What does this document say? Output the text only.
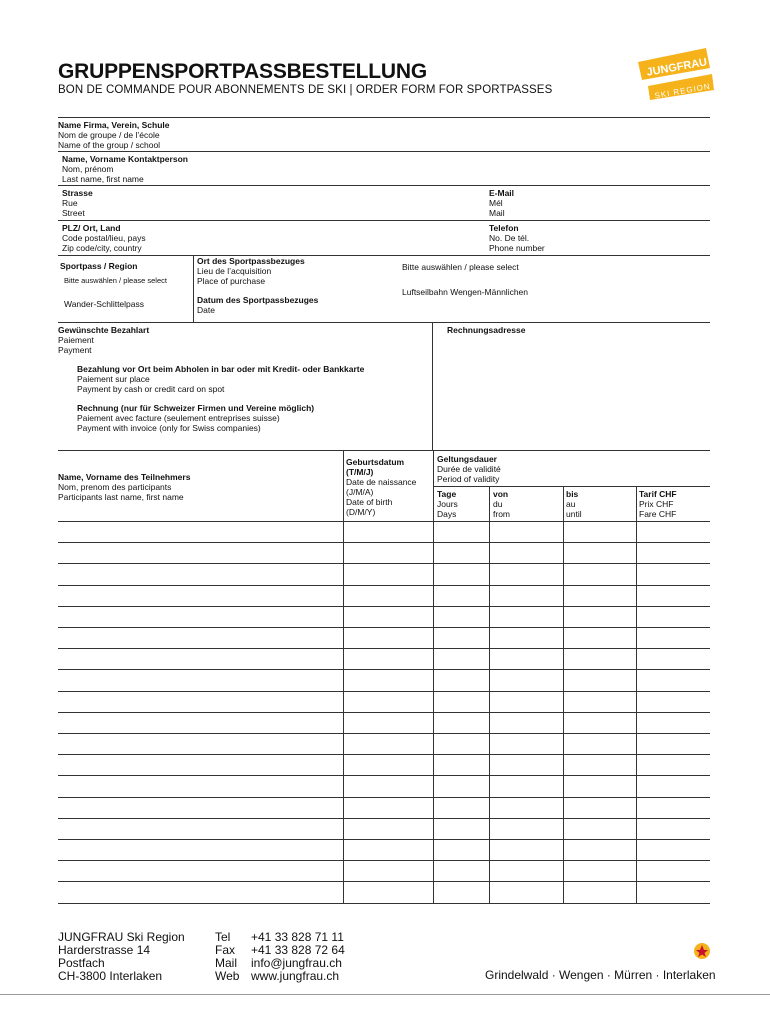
GRUPPENSPORTPASSBESTELLUNG
BON DE COMMANDE POUR ABONNEMENTS DE SKI | ORDER FORM FOR SPORTPASSES
JUNGFRAU
SKI REGION
Name Firma, Verein, Schule
Nom de groupe / de l’école
Name of the group / school
Name, Vorname Kontaktperson
Nom, prénom
Last name, first name
Strasse
Rue
Street
E-Mail
Mél
Mail
PLZ/ Ort, Land
Code postal/lieu, pays
Zip code/city, country
Telefon
No. De tél.
Phone number
Sportpass / Region
Bitte auswählen / please select
Wander-Schlittelpass
Ort des Sportpassbezuges
Lieu de l’acquisition
Place of purchase
Bitte auswählen / please select
Luftseilbahn Wengen-Männlichen
Datum des Sportpassbezuges
Date
Gewünschte Bezahlart
Paiement
Payment
Bezahlung vor Ort beim Abholen in bar oder mit Kredit- oder Bankkarte
Paiement sur place
Payment by cash or credit card on spot
Rechnung (nur für Schweizer Firmen und Vereine möglich)
Paiement avec facture (seulement entreprises suisse)
Payment with invoice (only for Swiss companies)
Rechnungsadresse
Name, Vorname des Teilnehmers
Nom, prenom des participants
Participants last name, first name
Geburtsdatum
(T/M/J)
Date de naissance
(J/M/A)
Date of birth
(D/M/Y)
Geltungsdauer
Durée de validité
Period of validity
Tage
Jours
Days
von
du
from
bis
au
until
Tarif CHF
Prix CHF
Fare CHF
JUNGFRAU Ski Region
Harderstrasse 14
Postfach
CH-3800 Interlaken
Tel
Fax
Mail
Web
+41 33 828 71 11
+41 33 828 72 64
info@jungfrau.ch
www.jungfrau.ch	Grindelwald · Wengen · Mürren · Interlaken
